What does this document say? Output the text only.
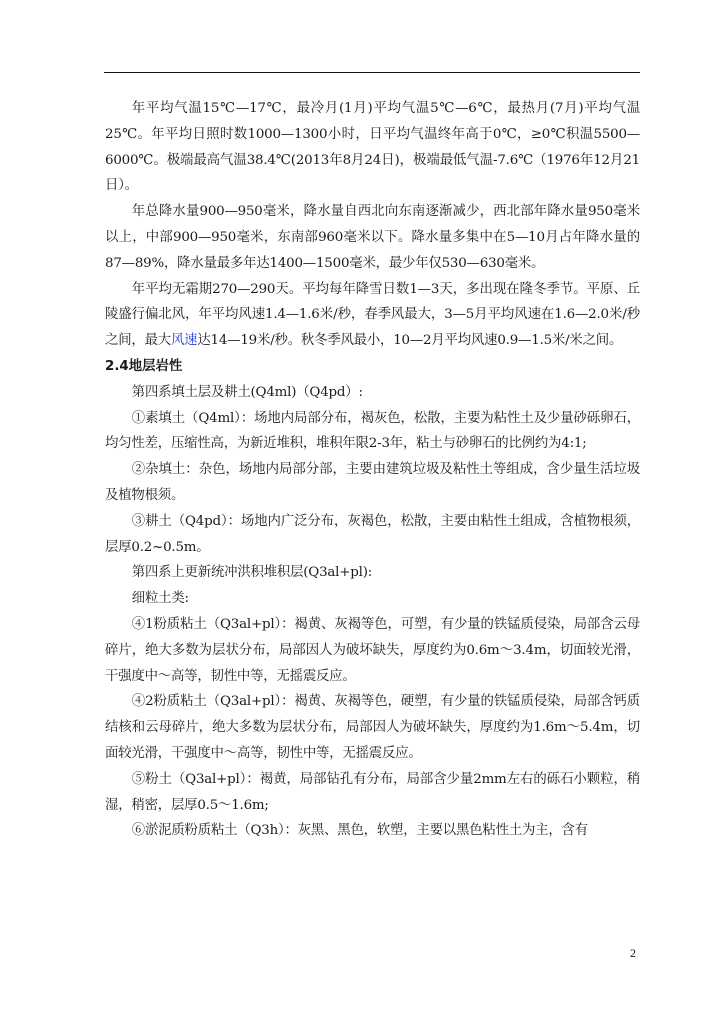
年平均气温15℃—17℃，最冷月(1月)平均气温5℃—6℃，最热月(7月)平均气温25℃。年平均日照时数1000—1300小时，日平均气温终年高于0℃，≥0℃积温5500—6000℃。极端最高气温38.4℃(2013年8月24日)，极端最低气温-7.6℃（1976年12月21日）。

年总降水量900—950毫米，降水量自西北向东南逐渐减少，西北部年降水量950毫米以上，中部900—950毫米，东南部960毫米以下。降水量多集中在5—10月占年降水量的87—89%，降水量最多年达1400—1500毫米，最少年仅530—630毫米。

年平均无霜期270—290天。平均每年降雪日数1—3天，多出现在隆冬季节。平原、丘陵盛行偏北风，年平均风速1.4—1.6米/秒，春季风最大，3—5月平均风速在1.6—2.0米/秒之间，最大风速达14—19米/秒。秋冬季风最小，10—2月平均风速0.9—1.5米/米之间。

2.4地层岩性

第四系填土层及耕土(Q4ml)（Q4pd）:

①素填土（Q4ml）：场地内局部分布，褐灰色，松散，主要为粘性土及少量砂砾卵石，均匀性差，压缩性高，为新近堆积，堆积年限2-3年，粘土与砂卵石的比例约为4:1;

②杂填土：杂色，场地内局部分部，主要由建筑垃圾及粘性土等组成，含少量生活垃圾及植物根须。

③耕土（Q4pd）：场地内广泛分布，灰褐色，松散，主要由粘性土组成，含植物根须，层厚0.2~0.5m。

第四系上更新统冲洪积堆积层(Q3al+pl):

细粒土类:

④1粉质粘土（Q3al+pl）：褐黄、灰褐等色，可塑，有少量的铁锰质侵染，局部含云母碎片，绝大多数为层状分布，局部因人为破坏缺失，厚度约为0.6m～3.4m，切面较光滑，干强度中～高等，韧性中等，无摇震反应。

④2粉质粘土（Q3al+pl）：褐黄、灰褐等色，硬塑，有少量的铁锰质侵染，局部含钙质结核和云母碎片，绝大多数为层状分布，局部因人为破坏缺失，厚度约为1.6m～5.4m，切面较光滑，干强度中～高等，韧性中等，无摇震反应。

⑤粉土（Q3al+pl）：褐黄，局部钻孔有分布，局部含少量2mm左右的砾石小颗粒，稍湿，稍密，层厚0.5～1.6m;

⑥淤泥质粉质粘土（Q3h）：灰黑、黑色，软塑，主要以黑色粘性土为主，含有

2
